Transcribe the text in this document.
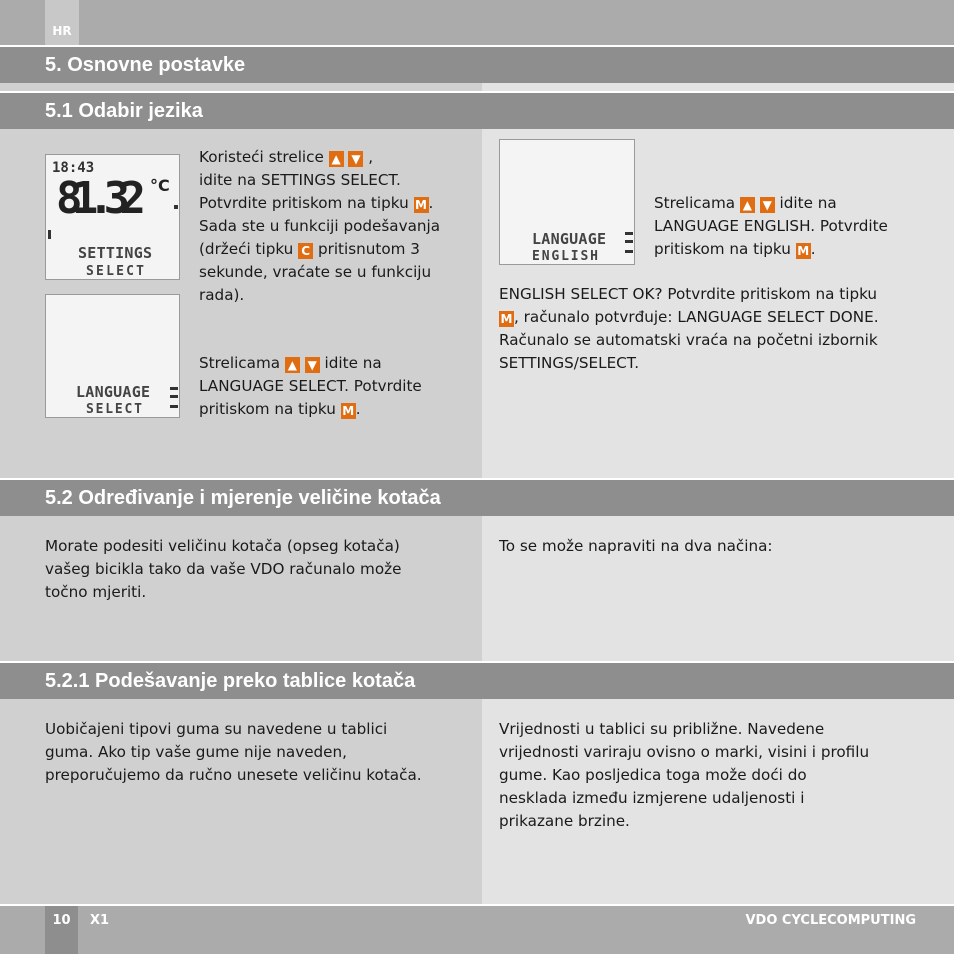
HR
5. Osnovne postavke
5.1 Odabir jezika
18:43
81.32 °C
SETTINGS
SELECT
LANGUAGE
SELECT
LANGUAGE
ENGLISH
Koristeći strelice ▲ ▼ ,
idite na SETTINGS SELECT.
Potvrdite pritiskom na tipku M .
Sada ste u funkciji podešavanja
(držeći tipku C pritisnutom 3
sekunde, vraćate se u funkciju
rada).
Strelicama ▲ ▼ idite na
LANGUAGE SELECT. Potvrdite
pritiskom na tipku M .
Strelicama ▲ ▼ idite na
LANGUAGE ENGLISH. Potvrdite
pritiskom na tipku M .
ENGLISH SELECT OK? Potvrdite pritiskom na tipku
M , računalo potvrđuje: LANGUAGE SELECT DONE.
Računalo se automatski vraća na početni izbornik
SETTINGS/SELECT.
5.2 Određivanje i mjerenje veličine kotača
Morate podesiti veličinu kotača (opseg kotača)
vašeg bicikla tako da vaše VDO računalo može
točno mjeriti.
To se može napraviti na dva načina:
5.2.1 Podešavanje preko tablice kotača
Uobičajeni tipovi guma su navedene u tablici
guma. Ako tip vaše gume nije naveden,
preporučujemo da ručno unesete veličinu kotača.
Vrijednosti u tablici su približne. Navedene
vrijednosti variraju ovisno o marki, visini i profilu
gume. Kao posljedica toga može doći do
nesklada između izmjerene udaljenosti i
prikazane brzine.
10	X1	VDO CYCLECOMPUTING
